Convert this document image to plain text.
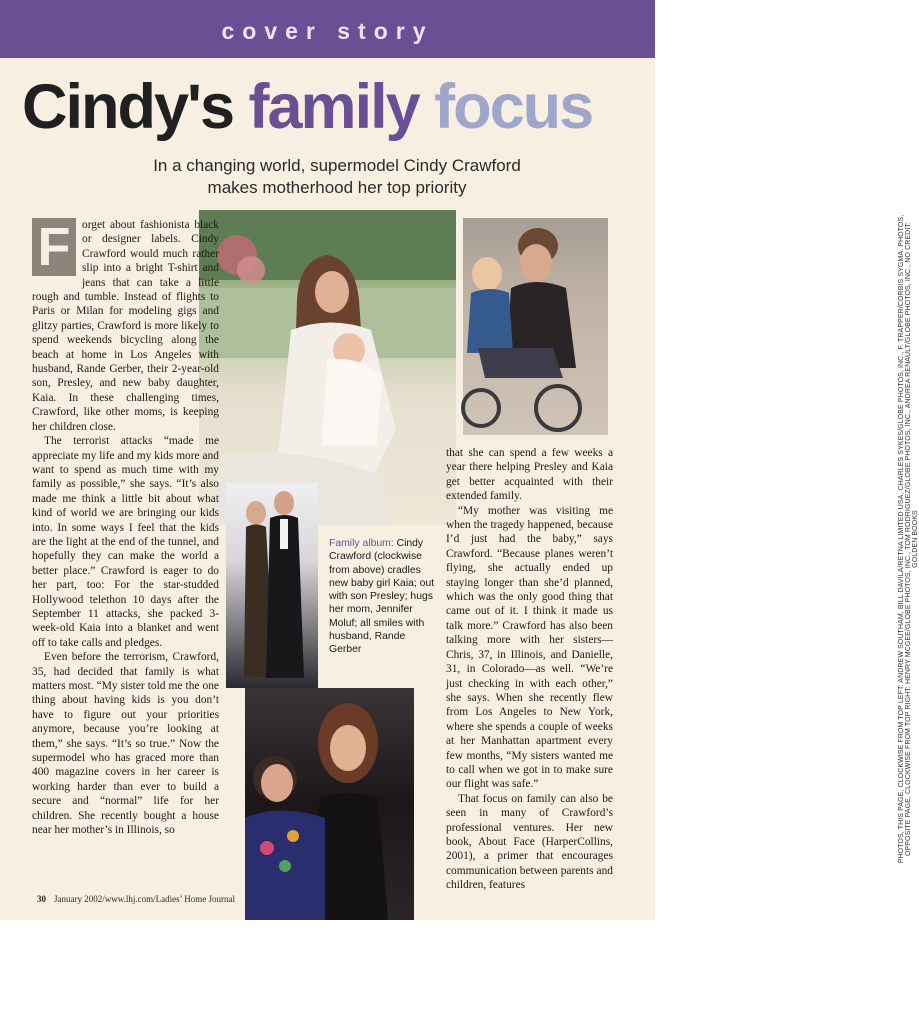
cover story
Cindy's family focus
In a changing world, supermodel Cindy Crawford
makes motherhood her top priority
F	orget about fashionista black or designer labels. Cindy Crawford would much rather slip into a bright T-shirt and jeans that can take a little rough and tumble. Instead of flights to Paris or Milan for modeling gigs and glitzy parties, Crawford is more likely to spend weekends bicycling along the beach at home in Los Angeles with husband, Rande Gerber, their 2-year-old son, Presley, and new baby daughter, Kaia. In these challenging times, Crawford, like other moms, is keeping her children close.

The terrorist attacks “made me appreciate my life and my kids more and want to spend as much time with my family as possible,” she says. “It’s also made me think a little bit about what kind of world we are bringing our kids into. In some ways I feel that the kids are the light at the end of the tunnel, and hopefully they can make the world a better place.” Crawford is eager to do her part, too: For the star-studded Hollywood telethon 10 days after the September 11 attacks, she packed 3-week-old Kaia into a blanket and went off to take calls and pledges.

Even before the terrorism, Crawford, 35, had decided that family is what matters most. “My sister told me the one thing about having kids is you don’t have to figure out your priorities anymore, because you’re looking at them,” she says. “It’s so true.” Now the supermodel who has graced more than 400 magazine covers in her career is working harder than ever to build a secure and “normal” life for her children. She recently bought a house near her mother’s in Illinois, so

Family album: Cindy Crawford (clockwise from above) cradles new baby girl Kaia; out with son Presley; hugs her mom, Jennifer Moluf; all smiles with husband, Rande Gerber

that she can spend a few weeks a year there helping Presley and Kaia get better acquainted with their extended family.

“My mother was visiting me when the tragedy happened, because I’d just had the baby,” says Crawford. “Because planes weren’t flying, she actually ended up staying longer than she’d planned, which was the only good thing that came out of it. I think it made us talk more.” Crawford has also been talking more with her sisters—Chris, 37, in Illinois, and Danielle, 31, in Colorado—as well. “We’re just checking in with each other,” she says. When she recently flew from Los Angeles to New York, where she spends a couple of weeks at her Manhattan apartment every few months, “My sisters wanted me to call when we got in to make sure our flight was safe.”

That focus on family can also be seen in many of Crawford’s professional ventures. Her new book, About Face (HarperCollins, 2001), a primer that encourages communication between parents and children, features

30 January 2002/www.lhj.com/Ladies’ Home Journal
PHOTOS, THIS PAGE, CLOCKWISE FROM TOP LEFT: ANDREW SOUTHAM, BILL DAVILA/RETNA LIMITED USA, CHARLES SYKES/GLOBE PHOTOS, INC., F. TRAPPER/CORBIS SYGMA. PHOTOS, OPPOSITE PAGE, CLOCKWISE FROM TOP RIGHT: HENRY MCGEE/GLOBE PHOTOS, INC., TOM RODRIGUEZ/GLOBE PHOTOS, INC., ANDREA RENAULT/GLOBE PHOTOS, INC., NO CREDIT: GOLDEN BOOKS
